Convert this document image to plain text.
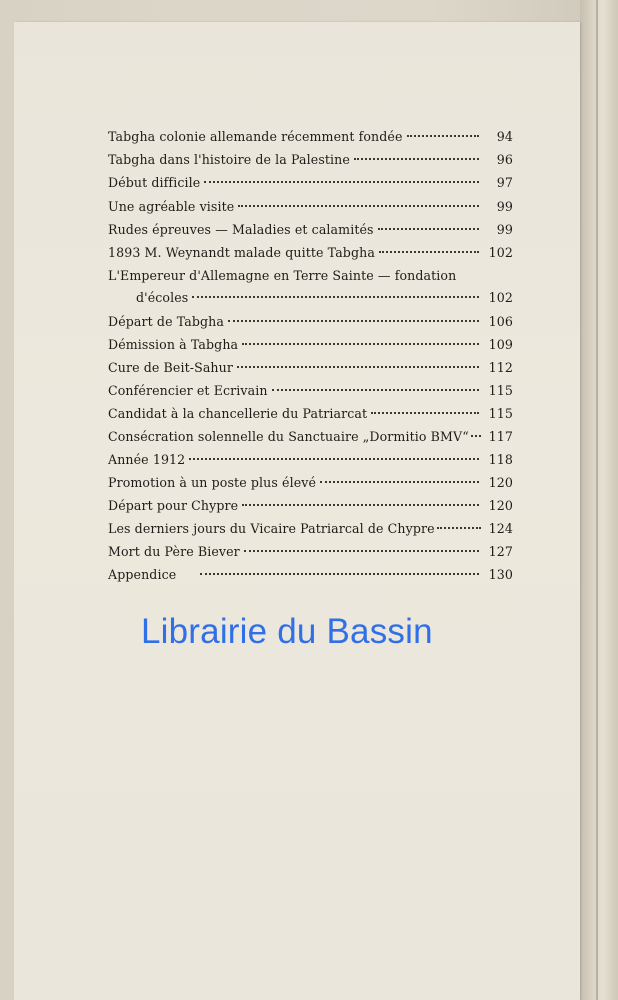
Tabgha colonie allemande récemment fondée	94
Tabgha dans l'histoire de la Palestine	96
Début difficile	97
Une agréable visite	99
Rudes épreuves — Maladies et calamités	99
1893 M. Weynandt malade quitte Tabgha	102
L'Empereur d'Allemagne en Terre Sainte — fondation
d'écoles	102
Départ de Tabgha	106
Démission à Tabgha	109
Cure de Beit-Sahur	112
Conférencier et Ecrivain	115
Candidat à la chancellerie du Patriarcat	115
Consécration solennelle du Sanctuaire „Dormitio BMV“	117
Année 1912	118
Promotion à un poste plus élevé	120
Départ pour Chypre	120
Les derniers jours du Vicaire Patriarcal de Chypre	124
Mort du Père Biever	127
Appendice	130
Librairie du Bassin
